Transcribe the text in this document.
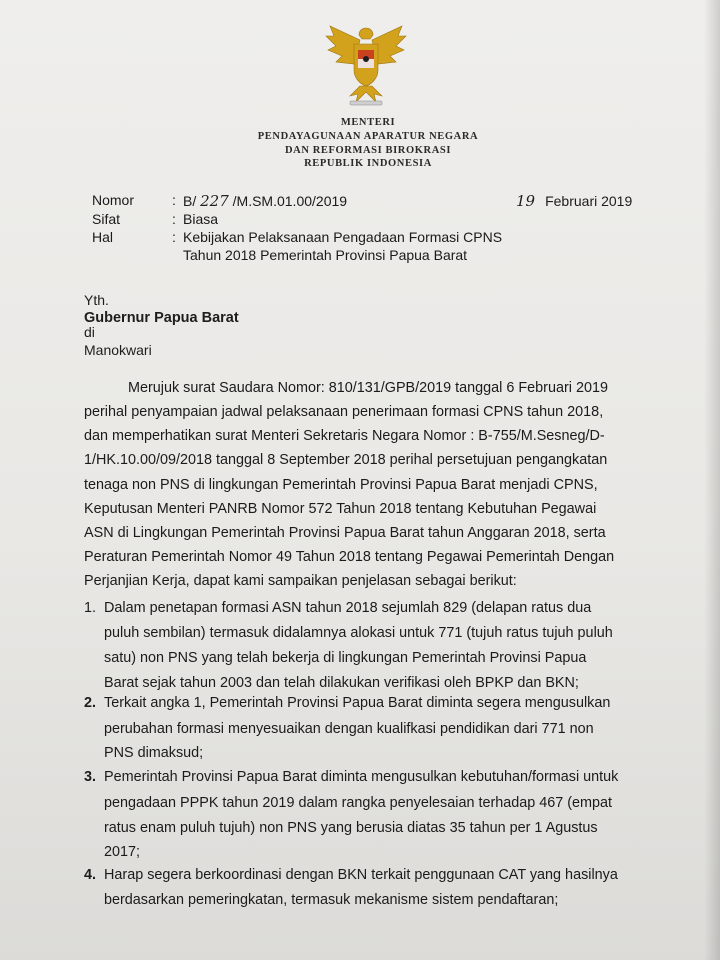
MENTERI
PENDAYAGUNAAN APARATUR NEGARA
DAN REFORMASI BIROKRASI
REPUBLIK INDONESIA
Nomor	: B/ 227 /M.SM.01.00/2019	19 Februari 2019
Sifat	: Biasa
Hal	: Kebijakan Pelaksanaan Pengadaan Formasi CPNS
Tahun 2018 Pemerintah Provinsi Papua Barat
Yth.
Gubernur Papua Barat
di
Manokwari
Merujuk surat Saudara Nomor: 810/131/GPB/2019 tanggal 6 Februari 2019
perihal penyampaian jadwal pelaksanaan penerimaan formasi CPNS tahun 2018,
dan memperhatikan surat Menteri Sekretaris Negara Nomor : B-755/M.Sesneg/D-
1/HK.10.00/09/2018 tanggal 8 September 2018 perihal persetujuan pengangkatan
tenaga non PNS di lingkungan Pemerintah Provinsi Papua Barat menjadi CPNS,
Keputusan Menteri PANRB Nomor 572 Tahun 2018 tentang Kebutuhan Pegawai
ASN di Lingkungan Pemerintah Provinsi Papua Barat tahun Anggaran 2018, serta
Peraturan Pemerintah Nomor 49 Tahun 2018 tentang Pegawai Pemerintah Dengan
Perjanjian Kerja, dapat kami sampaikan penjelasan sebagai berikut:
1. Dalam penetapan formasi ASN tahun 2018 sejumlah 829 (delapan ratus dua
puluh sembilan) termasuk didalamnya alokasi untuk 771 (tujuh ratus tujuh puluh
satu) non PNS yang telah bekerja di lingkungan Pemerintah Provinsi Papua
Barat sejak tahun 2003 dan telah dilakukan verifikasi oleh BPKP dan BKN;
2. Terkait angka 1, Pemerintah Provinsi Papua Barat diminta segera mengusulkan
perubahan formasi menyesuaikan dengan kualifkasi pendidikan dari 771 non
PNS dimaksud;
3. Pemerintah Provinsi Papua Barat diminta mengusulkan kebutuhan/formasi untuk
pengadaan PPPK tahun 2019 dalam rangka penyelesaian terhadap 467 (empat
ratus enam puluh tujuh) non PNS yang berusia diatas 35 tahun per 1 Agustus
2017;
4. Harap segera berkoordinasi dengan BKN terkait penggunaan CAT yang hasilnya
berdasarkan pemeringkatan, termasuk mekanisme sistem pendaftaran;
